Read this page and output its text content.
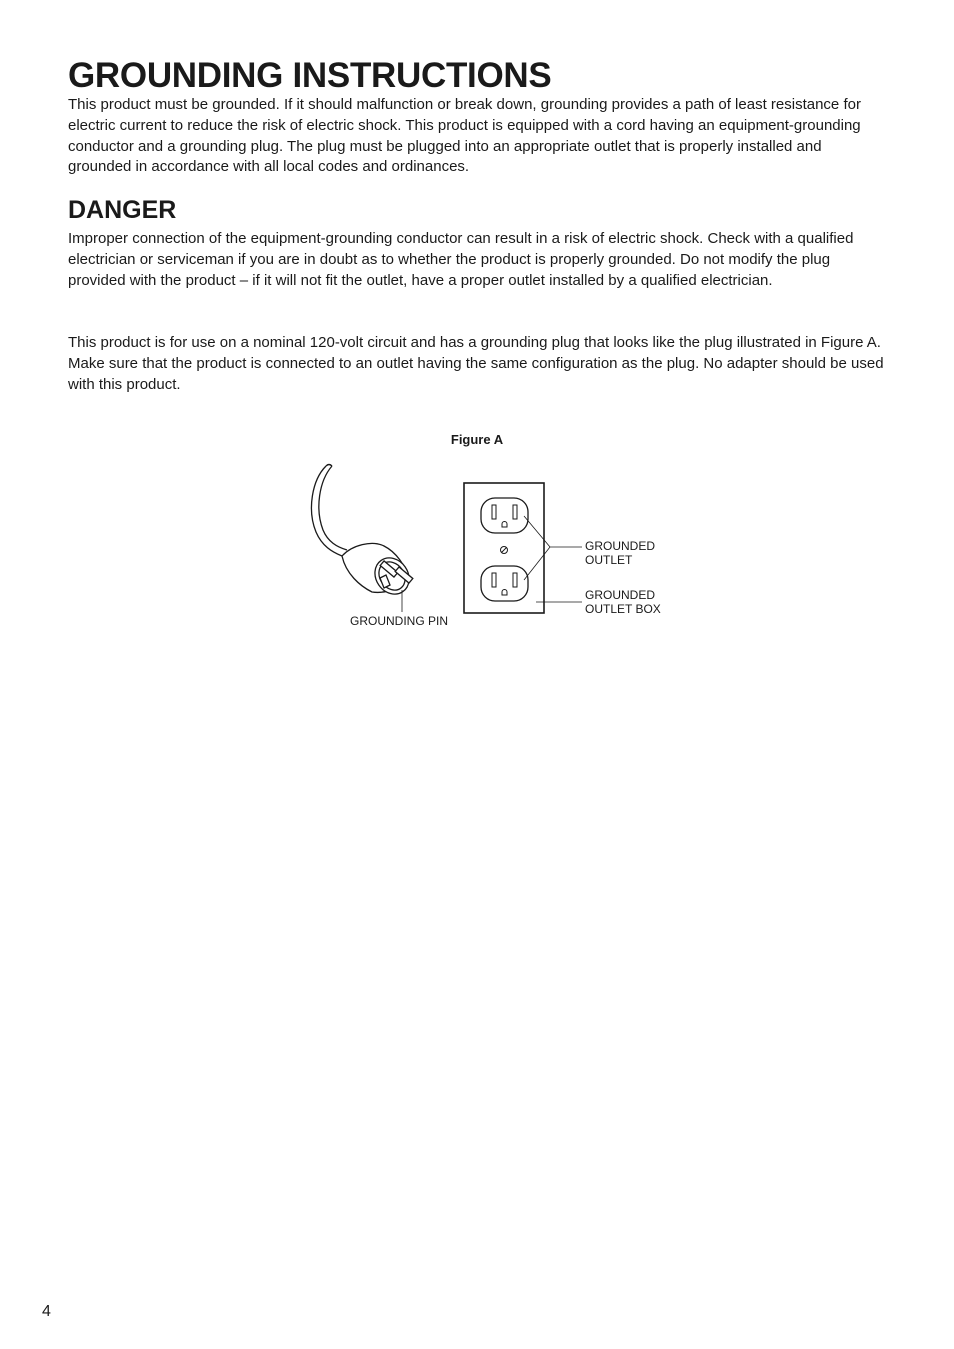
GROUNDING INSTRUCTIONS

This product must be grounded. If it should malfunction or break down, grounding provides a path of least resistance for electric current to reduce the risk of electric shock. This product is equipped with a cord having an equipment-grounding conductor and a grounding plug. The plug must be plugged into an appropriate outlet that is properly installed and grounded in accordance with all local codes and ordinances.

DANGER

Improper connection of the equipment-grounding conductor can result in a risk of electric shock. Check with a qualified electrician or serviceman if you are in doubt as to whether the product is properly grounded. Do not modify the plug provided with the product – if it will not fit the outlet, have a proper outlet installed by a qualified electrician.

This product is for use on a nominal 120-volt circuit and has a grounding plug that looks like the plug illustrated in Figure A. Make sure that the product is connected to an outlet having the same configuration as the plug. No adapter should be used with this product.

Figure A

GROUNDING PIN
GROUNDED
OUTLET
GROUNDED
OUTLET BOX
4
